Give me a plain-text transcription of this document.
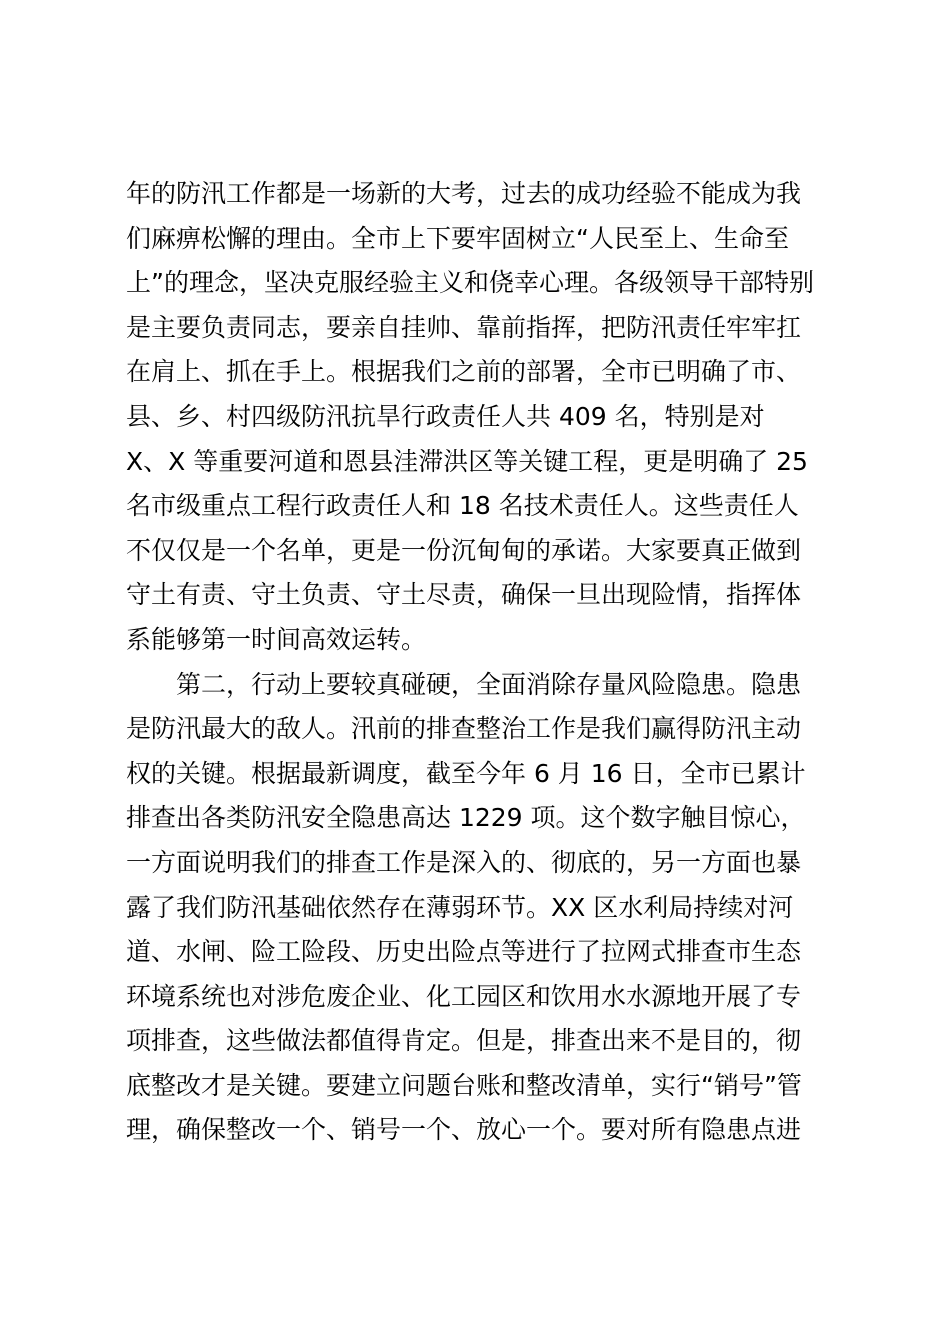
年的防汛工作都是一场新的大考，过去的成功经验不能成为我
们麻痹松懈的理由。全市上下要牢固树立“人民至上、生命至
上”的理念，坚决克服经验主义和侥幸心理。各级领导干部特别
是主要负责同志，要亲自挂帅、靠前指挥，把防汛责任牢牢扛
在肩上、抓在手上。根据我们之前的部署，全市已明确了市、
县、乡、村四级防汛抗旱行政责任人共 409 名，特别是对
X、X 等重要河道和恩县洼滞洪区等关键工程，更是明确了 25
名市级重点工程行政责任人和 18 名技术责任人。这些责任人
不仅仅是一个名单，更是一份沉甸甸的承诺。大家要真正做到
守土有责、守土负责、守土尽责，确保一旦出现险情，指挥体
系能够第一时间高效运转。
第二，行动上要较真碰硬，全面消除存量风险隐患。隐患
是防汛最大的敌人。汛前的排查整治工作是我们赢得防汛主动
权的关键。根据最新调度，截至今年 6 月 16 日，全市已累计
排查出各类防汛安全隐患高达 1229 项。这个数字触目惊心，
一方面说明我们的排查工作是深入的、彻底的，另一方面也暴
露了我们防汛基础依然存在薄弱环节。XX 区水利局持续对河
道、水闸、险工险段、历史出险点等进行了拉网式排查市生态
环境系统也对涉危废企业、化工园区和饮用水水源地开展了专
项排查，这些做法都值得肯定。但是，排查出来不是目的，彻
底整改才是关键。要建立问题台账和整改清单，实行“销号”管
理，确保整改一个、销号一个、放心一个。要对所有隐患点进
